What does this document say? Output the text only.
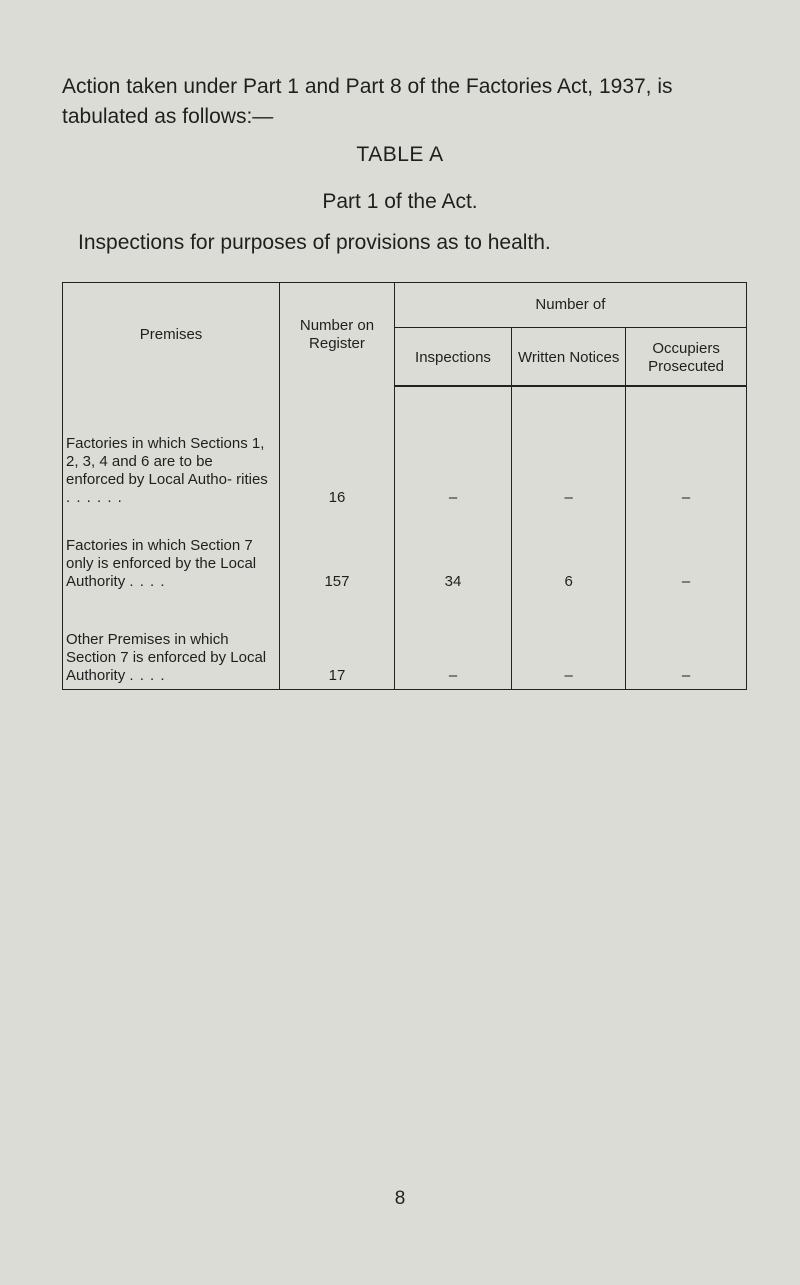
Action taken under Part 1 and Part 8 of the Factories Act, 1937, is tabulated as follows:—

TABLE A

Part 1 of the Act.

Inspections for purposes of provisions as to health.

Premises	Number on Register	Number of		
		Inspections	Written Notices	Occupiers Prosecuted
Factories in which Sections 1, 2, 3, 4 and 6 are to be enforced by Local Autho- rities . . . . . .	16	–	–	–
Factories in which Section 7 only is enforced by the Local Authority . . . .	157	34	6	–
Other Premises in which Section 7 is enforced by Local Authority . . . .	17	–	–	–

8
